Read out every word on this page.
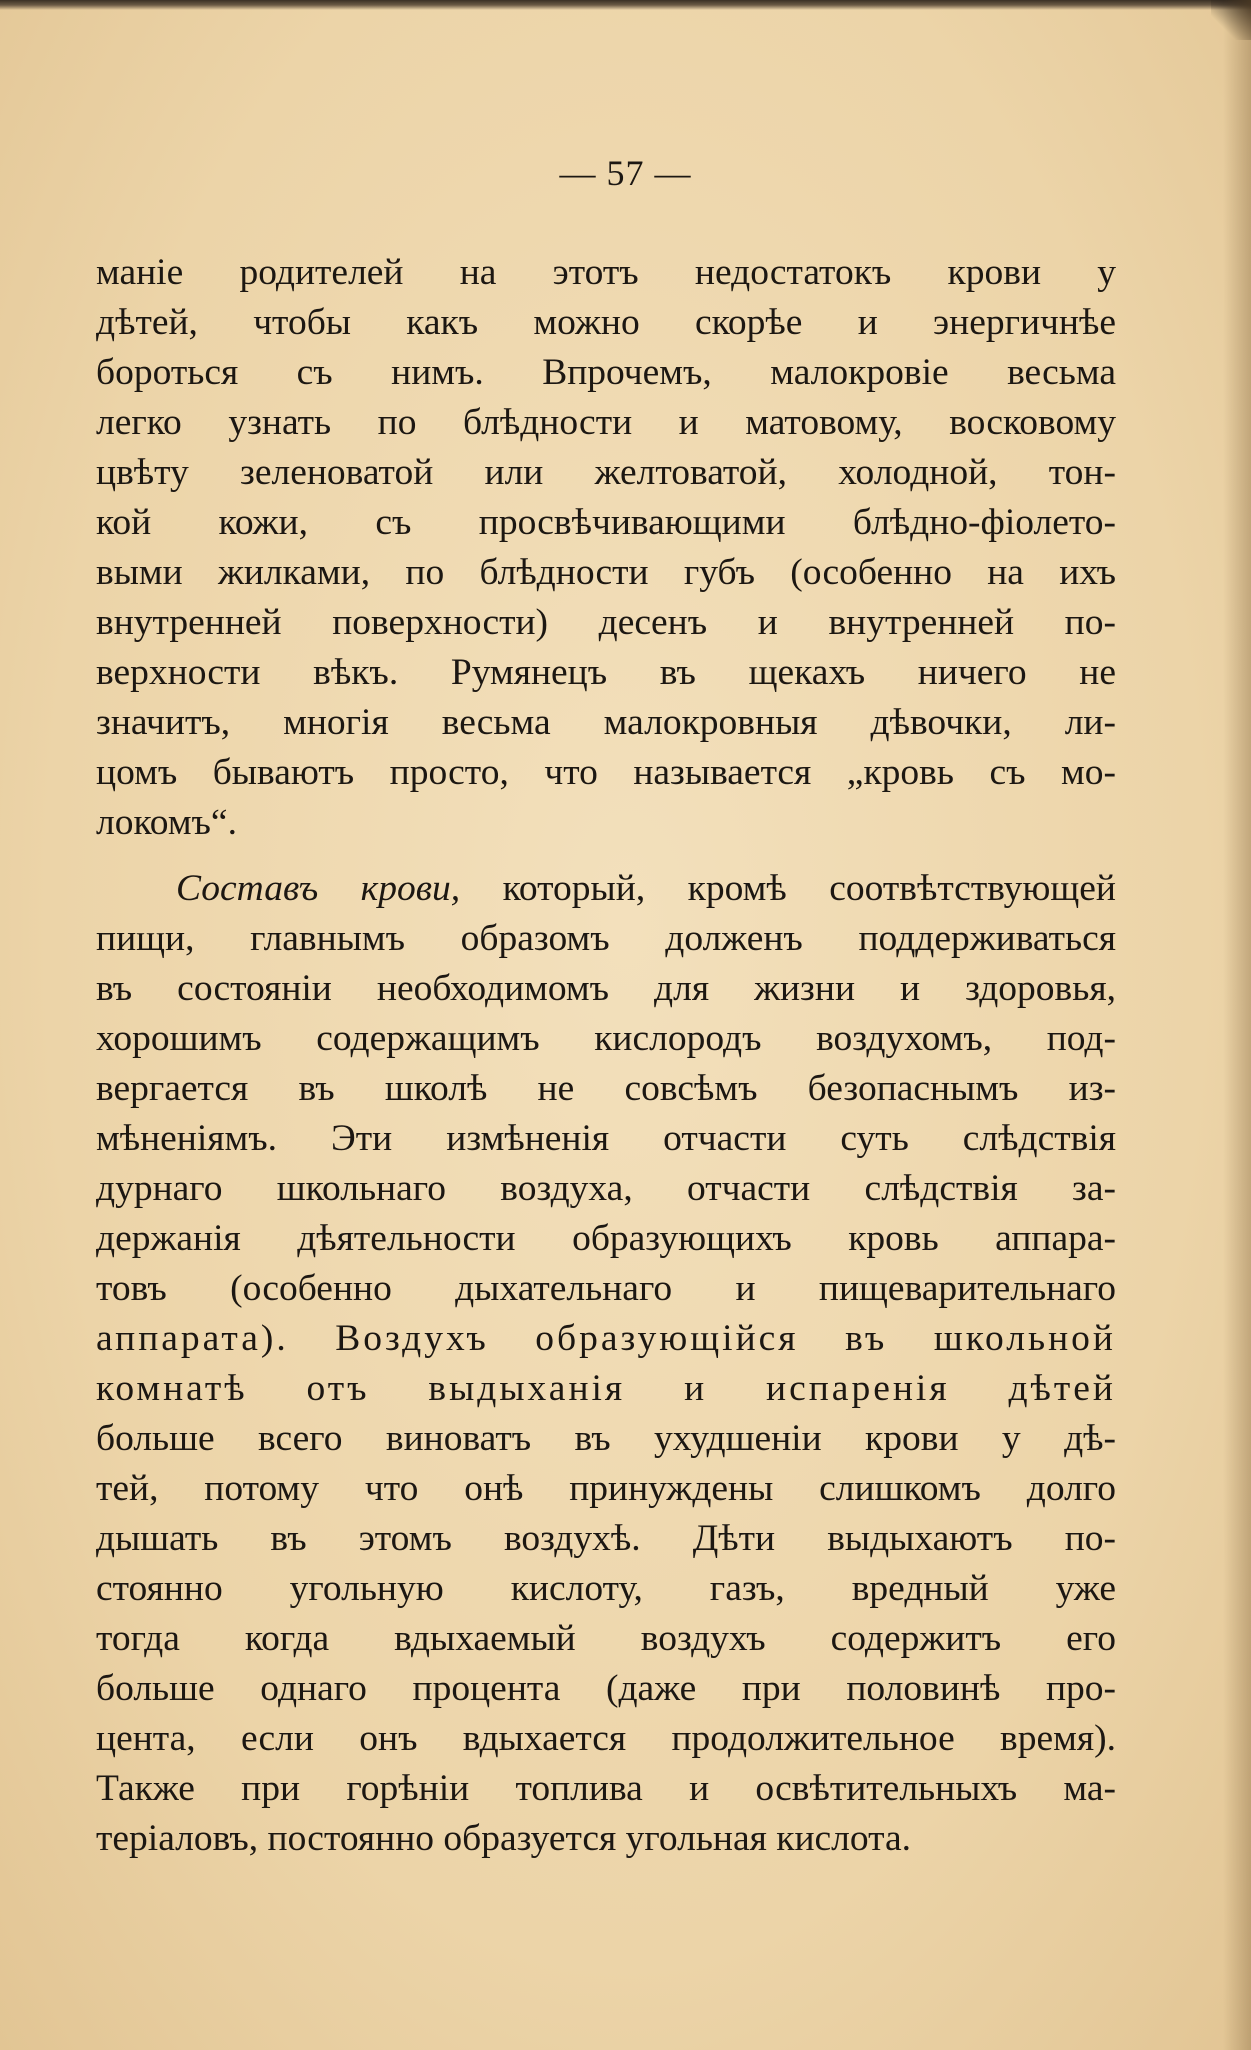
— 57 —

маніе родителей на этотъ недостатокъ крови у
дѣтей, чтобы какъ можно скорѣе и энергичнѣе
бороться съ нимъ. Впрочемъ, малокровіе весьма
легко узнать по блѣдности и матовому, восковому
цвѣту зеленоватой или желтоватой, холодной, тон-
кой кожи, съ просвѣчивающими блѣдно-фіолето-
выми жилками, по блѣдности губъ (особенно на ихъ
внутренней поверхности) деcенъ и внутренней по-
верхности вѣкъ. Румянецъ въ щекахъ ничего не
значитъ, многія весьма малокровныя дѣвочки, ли-
цомъ бываютъ просто, что называется „кровь съ мо-
локомъ“.

Составъ крови, который, кромѣ соотвѣтствующей
пищи, главнымъ образомъ долженъ поддерживаться
въ состояніи необходимомъ для жизни и здоровья,
хорошимъ содержащимъ кислородъ воздухомъ, под-
вергается въ школѣ не совсѣмъ безопаснымъ из-
мѣненіямъ. Эти измѣненія отчасти суть слѣдствія
дурнаго школьнаго воздуха, отчасти слѣдствія за-
держанія дѣятельности образующихъ кровь аппара-
товъ (особенно дыхательнаго и пищеварительнаго
аппарата). Воздухъ образующійся въ школьной
комнатѣ отъ выдыханія и испаренія дѣтей
больше всего виноватъ въ ухудшеніи крови у дѣ-
тей, потому что онѣ принуждены слишкомъ долго
дышать въ этомъ воздухѣ. Дѣти выдыхаютъ по-
стоянно угольную кислоту, газъ, вредный уже
тогда когда вдыхаемый воздухъ содержитъ его
больше однаго процента (даже при половинѣ про-
цента, если онъ вдыхается продолжительное время).
Также при горѣніи топлива и освѣтительныхъ ма-
теріаловъ, постоянно образуется угольная кислота.
